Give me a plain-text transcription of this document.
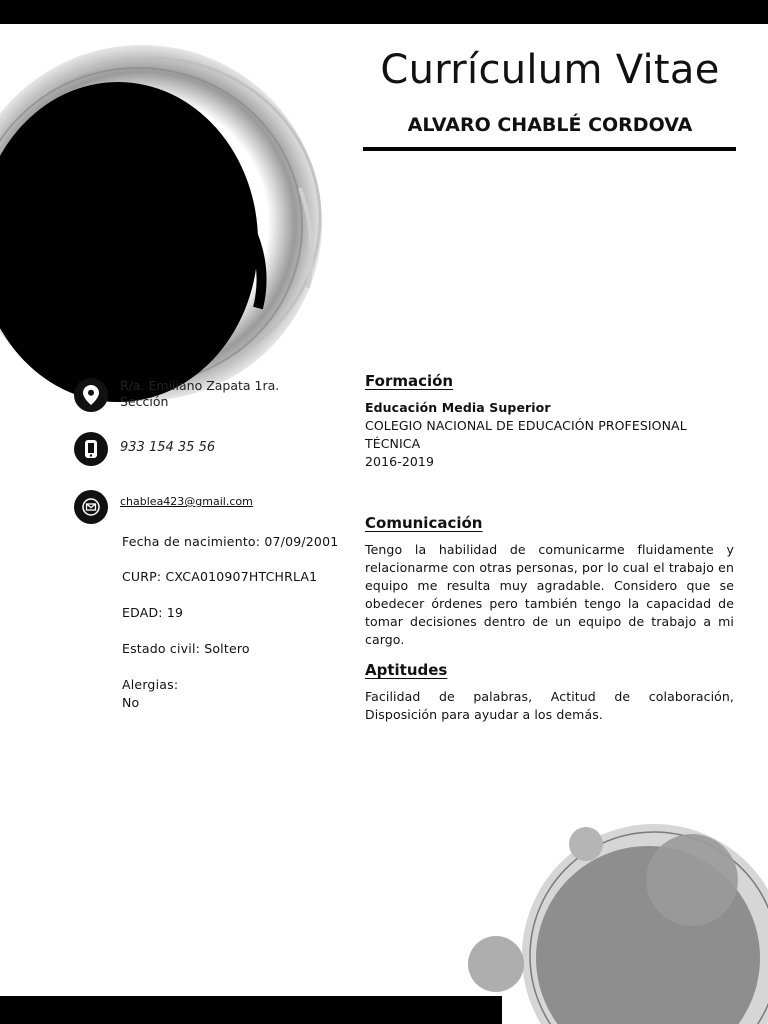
Currículum Vitae
ALVARO CHABLÉ CORDOVA
R/a. Emiliano Zapata 1ra. Sección
933 154 35 56
chablea423@gmail.com
Fecha de nacimiento: 07/09/2001
CURP: CXCA010907HTCHRLA1
EDAD: 19
Estado civil: Soltero
Alergias:
No
Formación
Educación Media Superior
COLEGIO NACIONAL DE EDUCACIÓN PROFESIONAL TÉCNICA
2016-2019
Comunicación

Tengo la habilidad de comunicarme fluidamente y relacionarme con otras personas, por lo cual el trabajo en equipo me resulta muy agradable. Considero que se obedecer órdenes pero también tengo la capacidad de tomar decisiones dentro de un equipo de trabajo a mi cargo.

Aptitudes

Facilidad de palabras, Actitud de colaboración, Disposición para ayudar a los demás.
